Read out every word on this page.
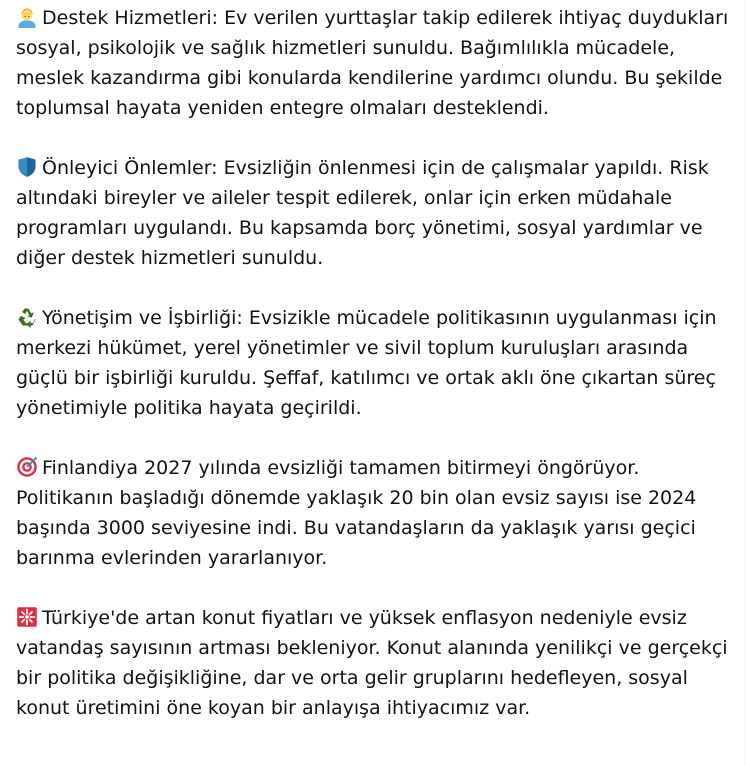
Destek Hizmetleri: Ev verilen yurttaşlar takip edilerek ihtiyaç duydukları sosyal, psikolojik ve sağlık hizmetleri sunuldu. Bağımlılıkla mücadele, meslek kazandırma gibi konularda kendilerine yardımcı olundu. Bu şekilde toplumsal hayata yeniden entegre olmaları desteklendi.
Önleyici Önlemler: Evsizliğin önlenmesi için de çalışmalar yapıldı. Risk altındaki bireyler ve aileler tespit edilerek, onlar için erken müdahale programları uygulandı. Bu kapsamda borç yönetimi, sosyal yardımlar ve diğer destek hizmetleri sunuldu.
Yönetişim ve İşbirliği: Evsizikle mücadele politikasının uygulanması için merkezi hükümet, yerel yönetimler ve sivil toplum kuruluşları arasında güçlü bir işbirliği kuruldu. Şeffaf, katılımcı ve ortak aklı öne çıkartan süreç yönetimiyle politika hayata geçirildi.
Finlandiya 2027 yılında evsizliği tamamen bitirmeyi öngörüyor. Politikanın başladığı dönemde yaklaşık 20 bin olan evsiz sayısı ise 2024 başında 3000 seviyesine indi. Bu vatandaşların da yaklaşık yarısı geçici barınma evlerinden yararlanıyor.
Türkiye'de artan konut fiyatları ve yüksek enflasyon nedeniyle evsiz vatandaş sayısının artması bekleniyor. Konut alanında yenilikçi ve gerçekçi bir politika değişikliğine, dar ve orta gelir gruplarını hedefleyen, sosyal konut üretimini öne koyan bir anlayışa ihtiyacımız var.
